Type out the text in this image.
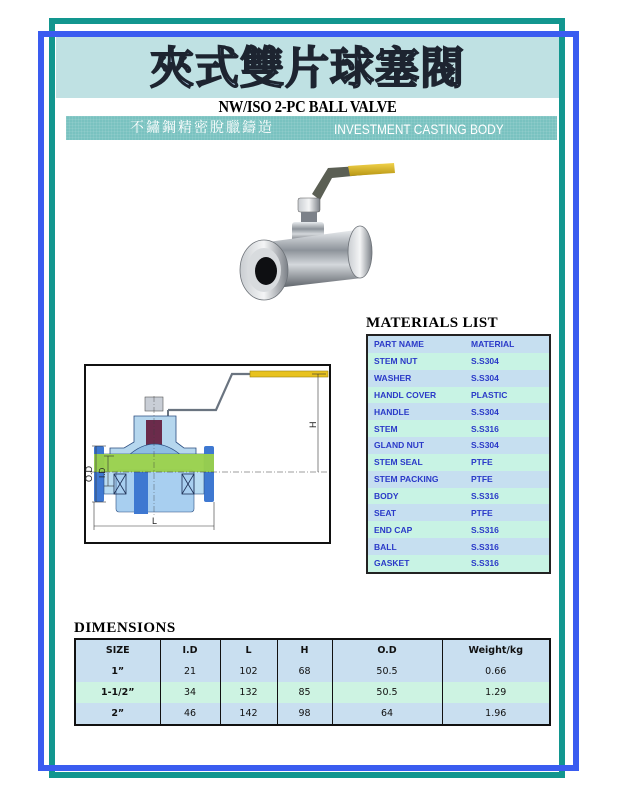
夾式雙片球塞閥
NW/ISO 2-PC BALL VALVE
不鏽鋼精密脫臘鑄造	INVESTMENT CASTING BODY
MATERIALS LIST
PART NAME	MATERIAL
STEM NUT	S.S304
WASHER	S.S304
HANDL COVER	PLASTIC
HANDLE	S.S304
STEM	S.S316
GLAND NUT	S.S304
STEM SEAL	PTFE
STEM PACKING	PTFE
BODY	S.S316
SEAT	PTFE
END CAP	S.S316
BALL	S.S316
GASKET	S.S316
O.D I.D
L
H
DIMENSIONS
SIZE	I.D	L	H	O.D	Weight/kg
1”	21	102	68	50.5	0.66
1-1/2”	34	132	85	50.5	1.29
2”	46	142	98	64	1.96
